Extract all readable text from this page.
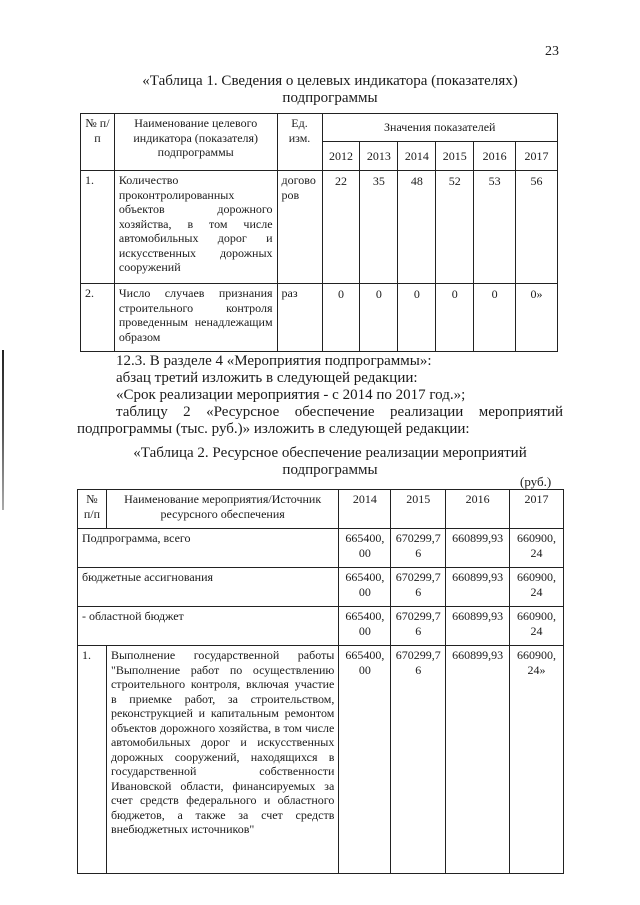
23
«Таблица 1. Сведения о целевых индикатора (показателях)
подпрограммы
№ п/п	Наименование целевого индикатора (показателя) подпрограммы	Ед. изм.	Значения показателей					
			2012	2013	2014	2015	2016	2017
1.	Количество проконтролированных объектов дорожного хозяйства, в том числе автомобильных дорог и искусственных дорожных сооружений	догово ров	22	35	48	52	53	56
2.	Число случаев признания строительного контроля проведенным ненадлежащим образом	раз	0	0	0	0	0	0»
12.3. В разделе 4 «Мероприятия подпрограммы»:
абзац третий изложить в следующей редакции:
«Срок реализации мероприятия - с 2014 по 2017 год.»;
таблицу 2 «Ресурсное обеспечение реализации мероприятий
подпрограммы (тыс. руб.)» изложить в следующей редакции:
«Таблица 2. Ресурсное обеспечение реализации мероприятий
подпрограммы
(руб.)
№ п/п	Наименование мероприятия/Источник ресурсного обеспечения	2014	2015	2016	2017
Подпрограмма, всего		665400,00	670299,76	660899,93	660900,24
бюджетные ассигнования		665400,00	670299,76	660899,93	660900,24
- областной бюджет		665400,00	670299,76	660899,93	660900,24
1.	Выполнение государственной работы "Выполнение работ по осуществлению строительного контроля, включая участие в приемке работ, за строительством, реконструкцией и капитальным ремонтом объектов дорожного хозяйства, в том числе автомобильных дорог и искусственных дорожных сооружений, находящихся в государственной собственности Ивановской области, финансируемых за счет средств федерального и областного бюджетов, а также за счет средств внебюджетных источников"	665400,00	670299,76	660899,93	660900,24»
